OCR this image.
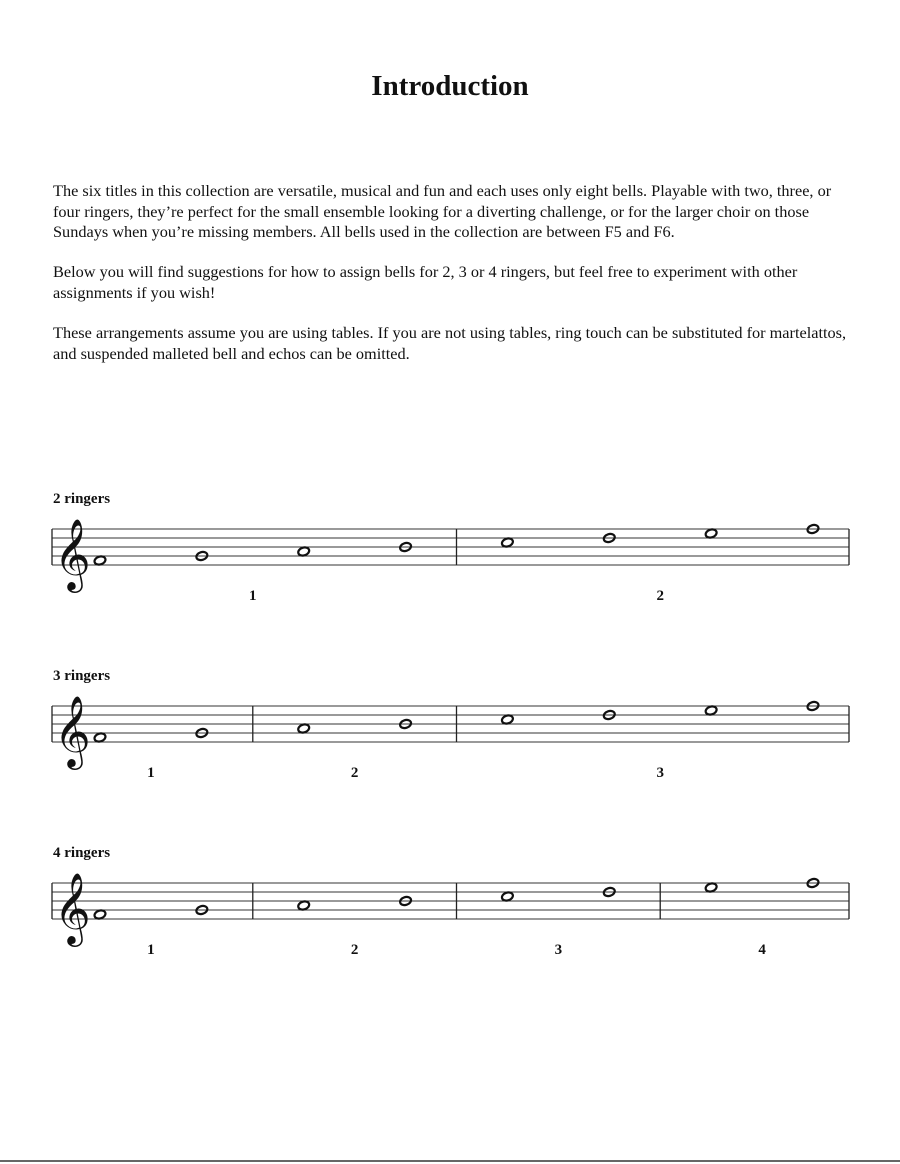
Introduction

The six titles in this collection are versatile, musical and fun and each uses only eight bells. Playable with two, three, or four ringers, they’re perfect for the small ensemble looking for a diverting challenge, or for the larger choir on those Sundays when you’re missing members. All bells used in the collection are between F5 and F6.

Below you will find suggestions for how to assign bells for 2, 3 or 4 ringers, but feel free to experiment with other assignments if you wish!

These arrangements assume you are using tables. If you are not using tables, ring touch can be substituted for martelattos, and suspended malleted bell and echos can be omitted.

2 ringers
𝄞
1	2
3 ringers
𝄞
1	2	3
4 ringers
𝄞
1	2	3	4
